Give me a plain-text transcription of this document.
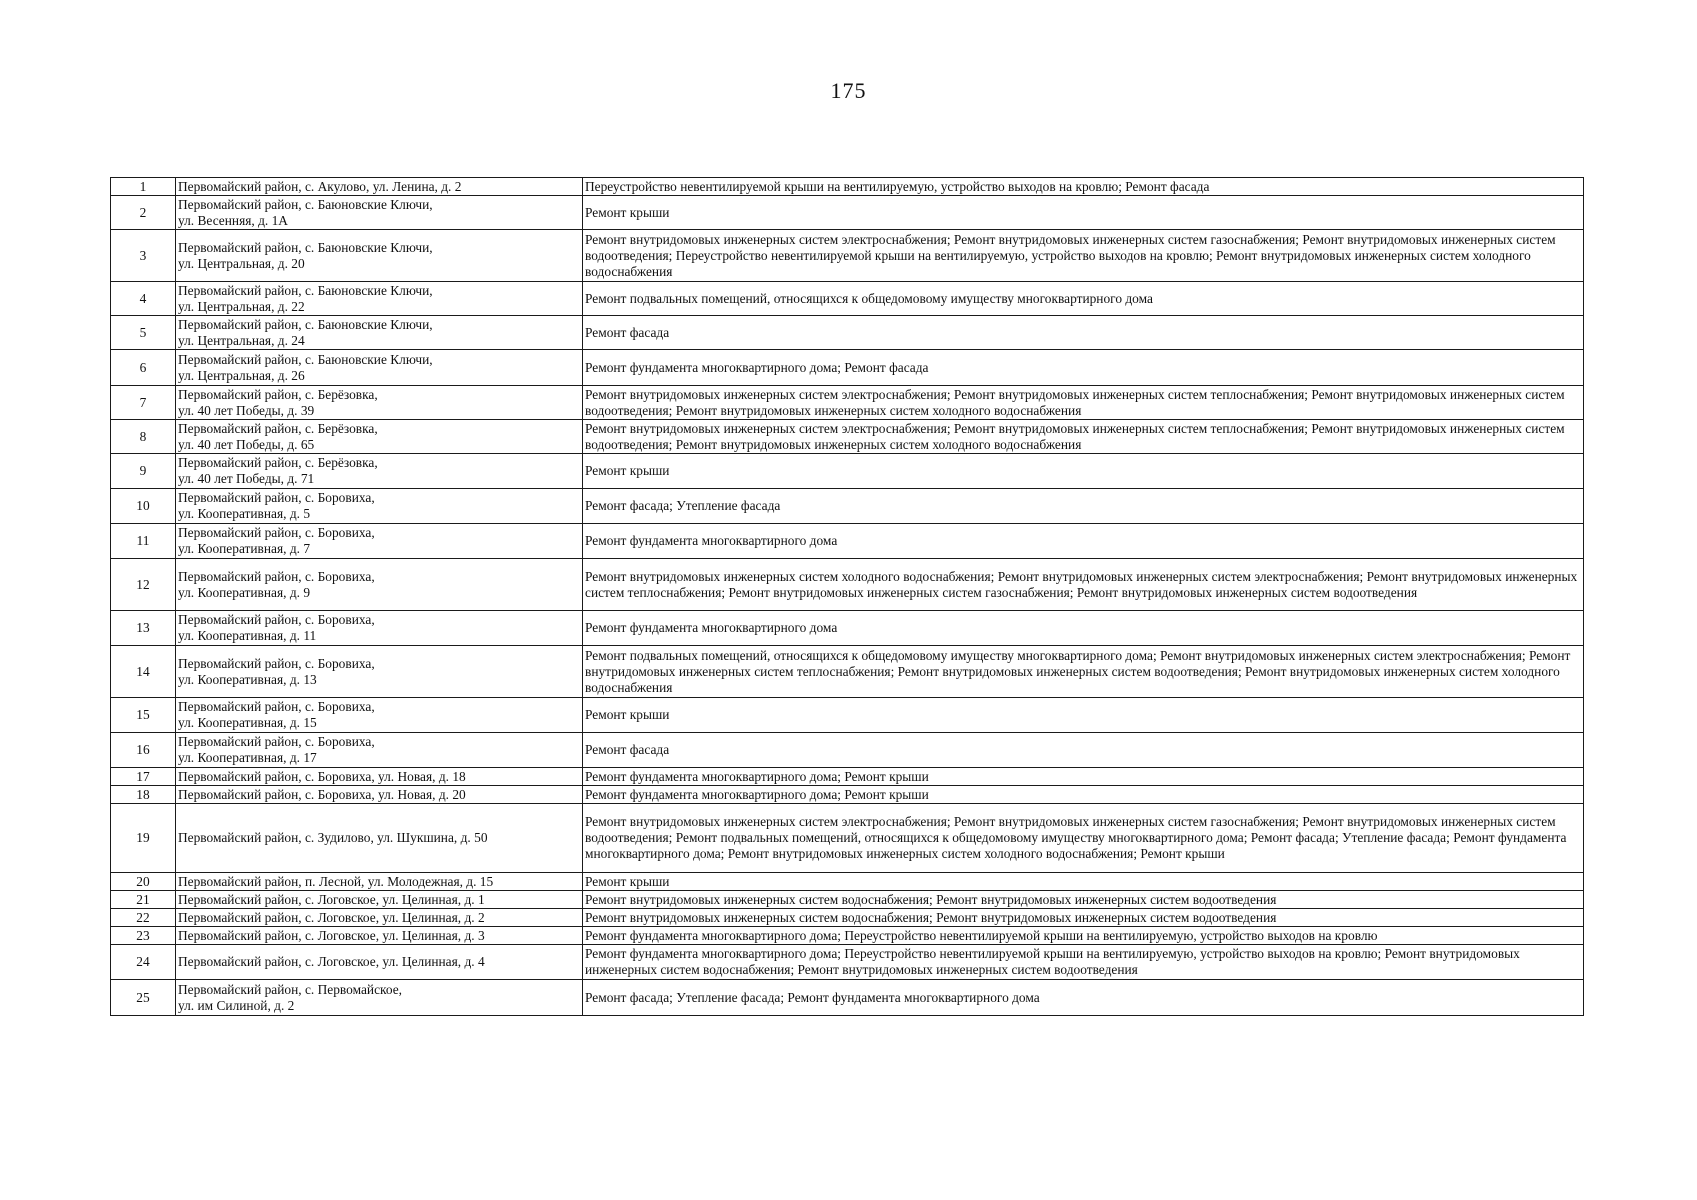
175
1	Первомайский район, с. Акулово, ул. Ленина, д. 2	Переустройство невентилируемой крыши на вентилируемую, устройство выходов на кровлю; Ремонт фасада
2	Первомайский район, с. Баюновские Ключи,
ул. Весенняя, д. 1А	Ремонт крыши
3	Первомайский район, с. Баюновские Ключи,
ул. Центральная, д. 20	Ремонт внутридомовых инженерных систем электроснабжения; Ремонт внутридомовых инженерных систем газоснабжения; Ремонт внутридомовых инженерных систем водоотведения; Переустройство невентилируемой крыши на вентилируемую, устройство выходов на кровлю; Ремонт внутридомовых инженерных систем холодного водоснабжения
4	Первомайский район, с. Баюновские Ключи,
ул. Центральная, д. 22	Ремонт подвальных помещений, относящихся к общедомовому имуществу многоквартирного дома
5	Первомайский район, с. Баюновские Ключи,
ул. Центральная, д. 24	Ремонт фасада
6	Первомайский район, с. Баюновские Ключи,
ул. Центральная, д. 26	Ремонт фундамента многоквартирного дома; Ремонт фасада
7	Первомайский район, с. Берёзовка,
ул. 40 лет Победы, д. 39	Ремонт внутридомовых инженерных систем электроснабжения; Ремонт внутридомовых инженерных систем теплоснабжения; Ремонт внутридомовых инженерных систем водоотведения; Ремонт внутридомовых инженерных систем холодного водоснабжения
8	Первомайский район, с. Берёзовка,
ул. 40 лет Победы, д. 65	Ремонт внутридомовых инженерных систем электроснабжения; Ремонт внутридомовых инженерных систем теплоснабжения; Ремонт внутридомовых инженерных систем водоотведения; Ремонт внутридомовых инженерных систем холодного водоснабжения
9	Первомайский район, с. Берёзовка,
ул. 40 лет Победы, д. 71	Ремонт крыши
10	Первомайский район, с. Боровиха,
ул. Кооперативная, д. 5	Ремонт фасада; Утепление фасада
11	Первомайский район, с. Боровиха,
ул. Кооперативная, д. 7	Ремонт фундамента многоквартирного дома
12	Первомайский район, с. Боровиха,
ул. Кооперативная, д. 9	Ремонт внутридомовых инженерных систем холодного водоснабжения; Ремонт внутридомовых инженерных систем электроснабжения; Ремонт внутридомовых инженерных систем теплоснабжения; Ремонт внутридомовых инженерных систем газоснабжения; Ремонт внутридомовых инженерных систем водоотведения
13	Первомайский район, с. Боровиха,
ул. Кооперативная, д. 11	Ремонт фундамента многоквартирного дома
14	Первомайский район, с. Боровиха,
ул. Кооперативная, д. 13	Ремонт подвальных помещений, относящихся к общедомовому имуществу многоквартирного дома; Ремонт внутридомовых инженерных систем электроснабжения; Ремонт внутридомовых инженерных систем теплоснабжения; Ремонт внутридомовых инженерных систем водоотведения; Ремонт внутридомовых инженерных систем холодного водоснабжения
15	Первомайский район, с. Боровиха,
ул. Кооперативная, д. 15	Ремонт крыши
16	Первомайский район, с. Боровиха,
ул. Кооперативная, д. 17	Ремонт фасада
17	Первомайский район, с. Боровиха, ул. Новая, д. 18	Ремонт фундамента многоквартирного дома; Ремонт крыши
18	Первомайский район, с. Боровиха, ул. Новая, д. 20	Ремонт фундамента многоквартирного дома; Ремонт крыши
19	Первомайский район, с. Зудилово, ул. Шукшина, д. 50	Ремонт внутридомовых инженерных систем электроснабжения; Ремонт внутридомовых инженерных систем газоснабжения; Ремонт внутридомовых инженерных систем водоотведения; Ремонт подвальных помещений, относящихся к общедомовому имуществу многоквартирного дома; Ремонт фасада; Утепление фасада; Ремонт фундамента многоквартирного дома; Ремонт внутридомовых инженерных систем холодного водоснабжения; Ремонт крыши
20	Первомайский район, п. Лесной, ул. Молодежная, д. 15	Ремонт крыши
21	Первомайский район, с. Логовское, ул. Целинная, д. 1	Ремонт внутридомовых инженерных систем водоснабжения; Ремонт внутридомовых инженерных систем водоотведения
22	Первомайский район, с. Логовское, ул. Целинная, д. 2	Ремонт внутридомовых инженерных систем водоснабжения; Ремонт внутридомовых инженерных систем водоотведения
23	Первомайский район, с. Логовское, ул. Целинная, д. 3	Ремонт фундамента многоквартирного дома; Переустройство невентилируемой крыши на вентилируемую, устройство выходов на кровлю
24	Первомайский район, с. Логовское, ул. Целинная, д. 4	Ремонт фундамента многоквартирного дома; Переустройство невентилируемой крыши на вентилируемую, устройство выходов на кровлю; Ремонт внутридомовых инженерных систем водоснабжения; Ремонт внутридомовых инженерных систем водоотведения
25	Первомайский район, с. Первомайское,
ул. им Силиной, д. 2	Ремонт фасада; Утепление фасада; Ремонт фундамента многоквартирного дома
